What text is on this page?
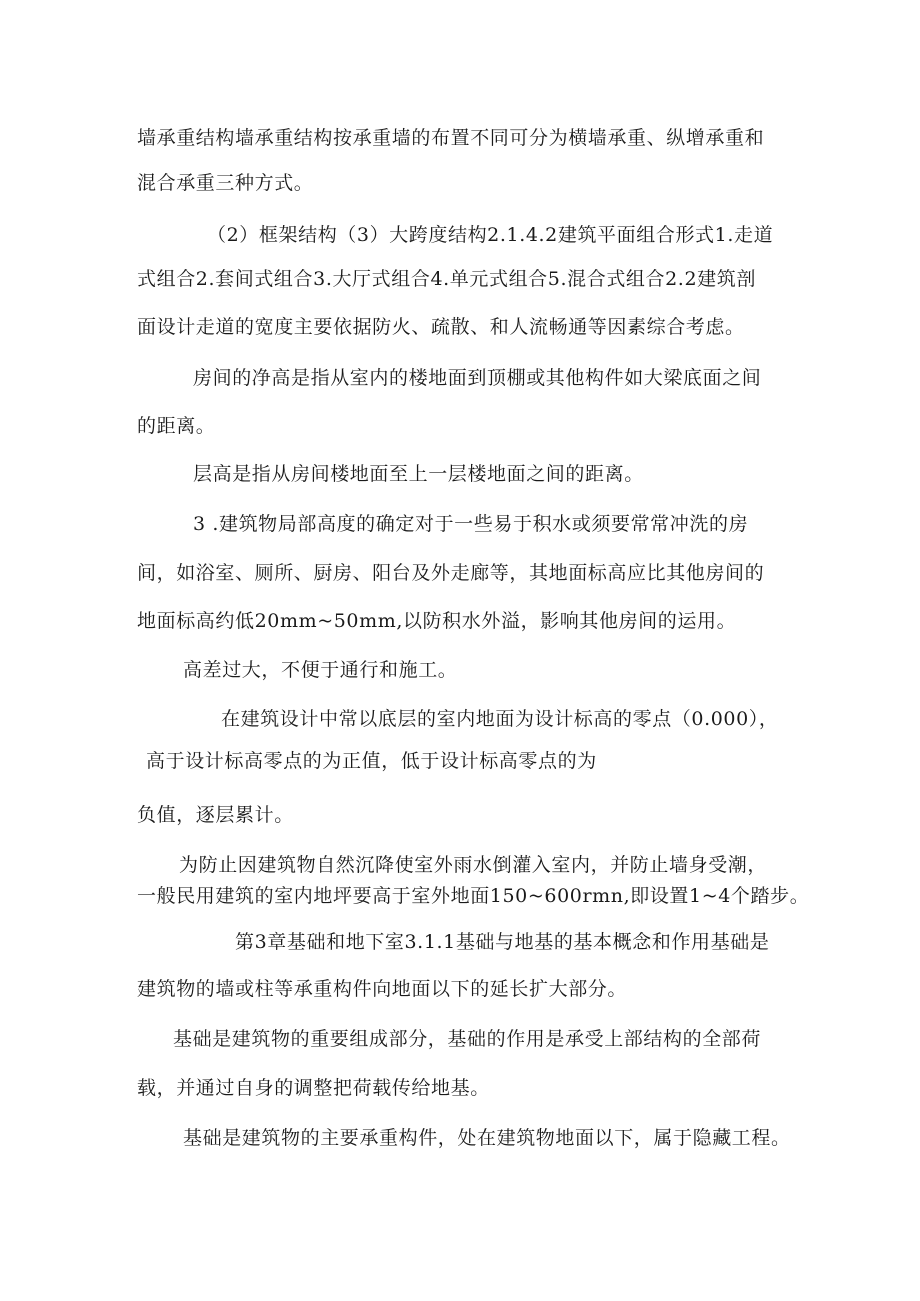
墙承重结构墙承重结构按承重墙的布置不同可分为横墙承重、纵增承重和
混合承重三种方式。
（2）框架结构（3）大跨度结构2.1.4.2建筑平面组合形式1.走道
式组合2.套间式组合3.大厅式组合4.单元式组合5.混合式组合2.2建筑剖
面设计走道的宽度主要依据防火、疏散、和人流畅通等因素综合考虑。
房间的净高是指从室内的楼地面到顶棚或其他构件如大梁底面之间
的距离。
层高是指从房间楼地面至上一层楼地面之间的距离。
3 .建筑物局部高度的确定对于一些易于积水或须要常常冲洗的房
间，如浴室、厕所、厨房、阳台及外走廊等，其地面标高应比其他房间的
地面标高约低20mm~50mm,以防积水外溢，影响其他房间的运用。
高差过大，不便于通行和施工。
在建筑设计中常以底层的室内地面为设计标高的零点（0.000），
高于设计标高零点的为正值，低于设计标高零点的为
负值，逐层累计。
为防止因建筑物自然沉降使室外雨水倒灌入室内，并防止墙身受潮，
一般民用建筑的室内地坪要高于室外地面150~600rmn,即设置1~4个踏步。
第3章基础和地下室3.1.1基础与地基的基本概念和作用基础是
建筑物的墙或柱等承重构件向地面以下的延长扩大部分。
基础是建筑物的重要组成部分，基础的作用是承受上部结构的全部荷
载，并通过自身的调整把荷载传给地基。
基础是建筑物的主要承重构件，处在建筑物地面以下，属于隐藏工程。
